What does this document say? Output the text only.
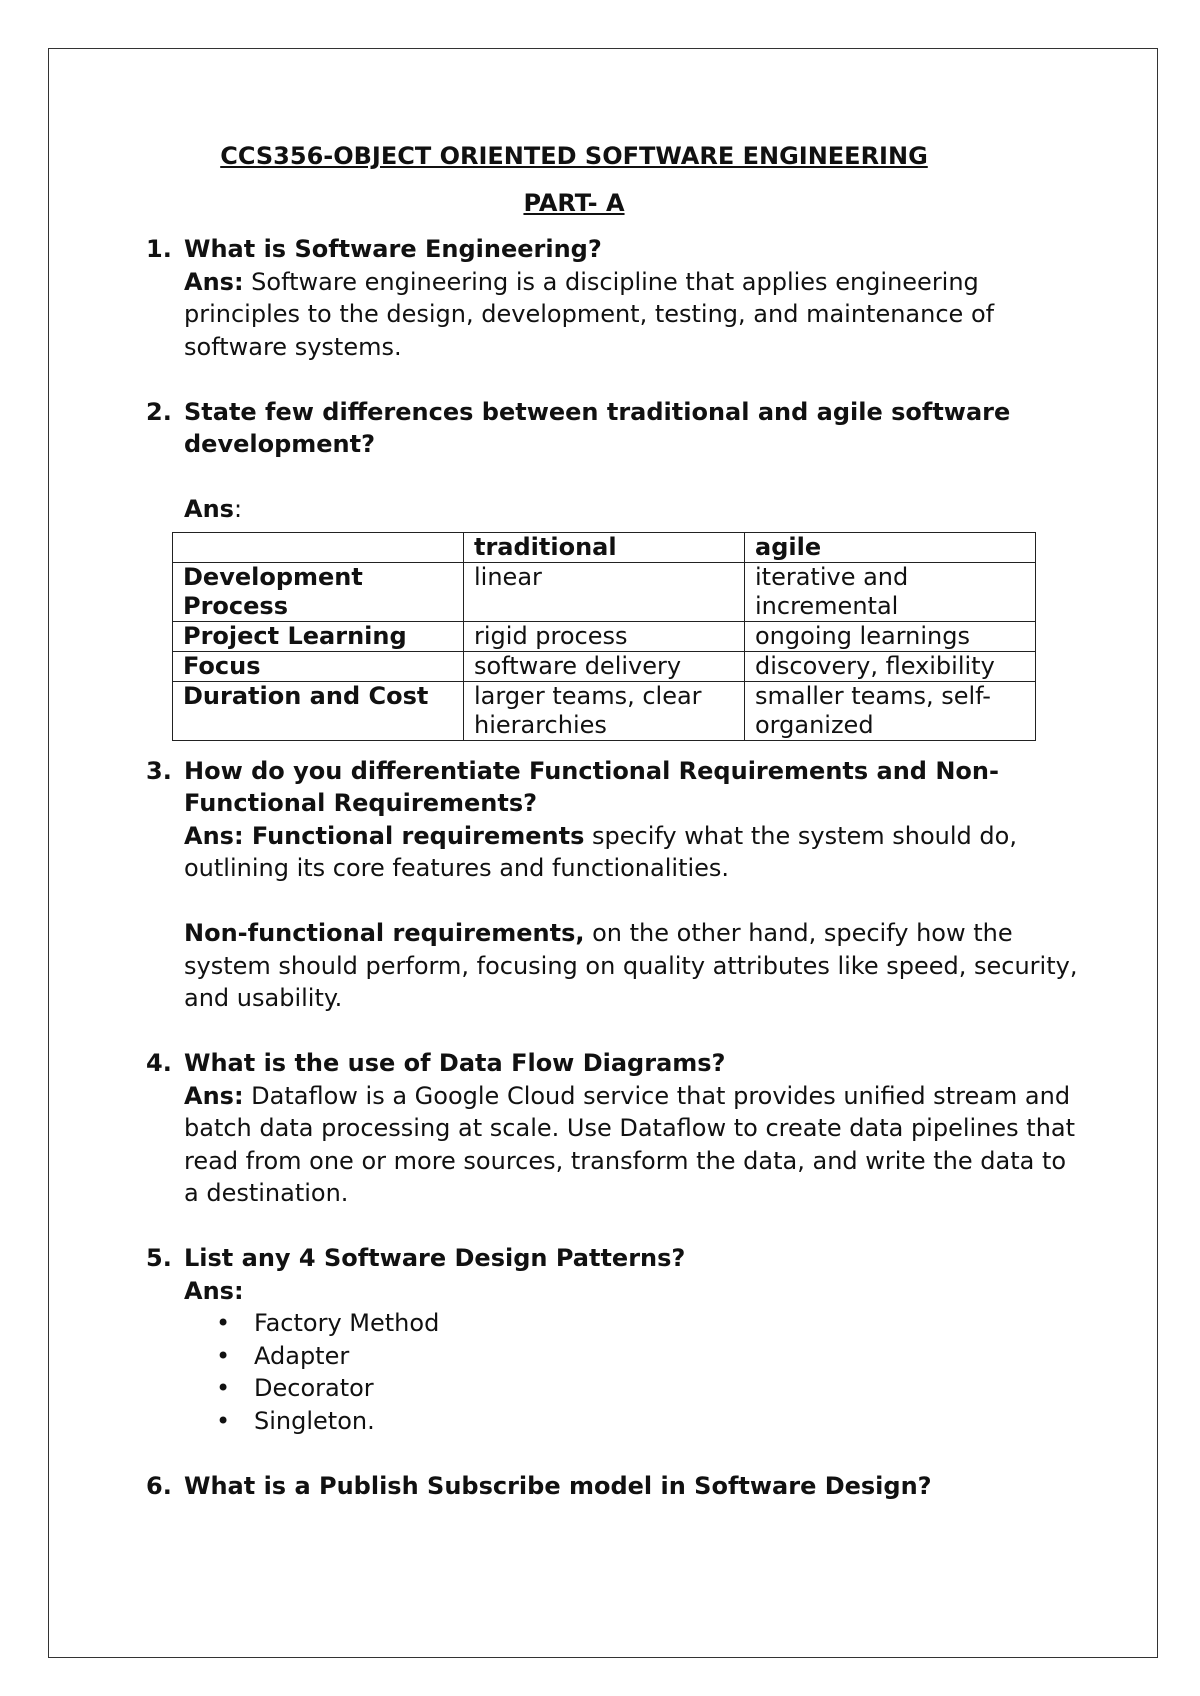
CCS356-OBJECT ORIENTED SOFTWARE ENGINEERING
PART- A
1. What is Software Engineering?
Ans: Software engineering is a discipline that applies engineering principles to the design, development, testing, and maintenance of software systems.
2. State few differences between traditional and agile software development?
Ans:
	traditional	agile
Development Process	linear	iterative and incremental
Project Learning	rigid process	ongoing learnings
Focus	software delivery	discovery, flexibility
Duration and Cost	larger teams, clear hierarchies	smaller teams, self-organized
3. How do you differentiate Functional Requirements and Non-Functional Requirements?
Ans: Functional requirements specify what the system should do, outlining its core features and functionalities.
Non-functional requirements, on the other hand, specify how the system should perform, focusing on quality attributes like speed, security, and usability.
4. What is the use of Data Flow Diagrams?
Ans: Dataflow is a Google Cloud service that provides unified stream and batch data processing at scale. Use Dataflow to create data pipelines that read from one or more sources, transform the data, and write the data to a destination.
5. List any 4 Software Design Patterns?
Ans:
• Factory Method
• Adapter
• Decorator
• Singleton.
6. What is a Publish Subscribe model in Software Design?
